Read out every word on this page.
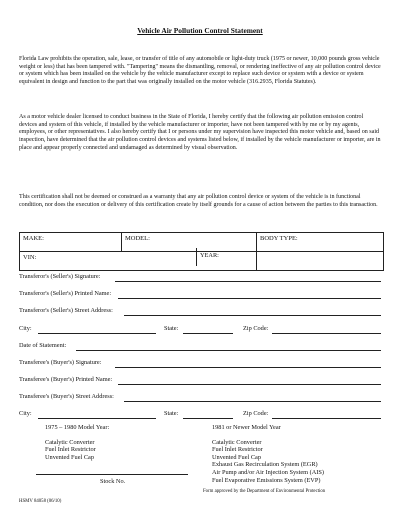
Vehicle Air Pollution Control Statement

Florida Law prohibits the operation, sale, lease, or transfer of title of any automobile or light-duty truck (1975 or newer, 10,000 pounds gross vehicle weight or less) that has been tampered with. "Tampering" means the dismantling, removal, or rendering ineffective of any air pollution control device or system which has been installed on the vehicle by the vehicle manufacturer except to replace such device or system with a device or system equivalent in design and function to the part that was originally installed on the motor vehicle (316.2935, Florida Statutes).

As a motor vehicle dealer licensed to conduct business in the State of Florida, I hereby certify that the following air pollution emission control devices and system of this vehicle, if installed by the vehicle manufacturer or importer, have not been tampered with by me or by my agents, employees, or other representatives. I also hereby certify that I or persons under my supervision have inspected this motor vehicle and, based on said inspection, have determined that the air pollution control devices and systems listed below, if installed by the vehicle manufacturer or importer, are in place and appear properly connected and undamaged as determined by visual observation.

This certification shall not be deemed or construed as a warranty that any air pollution control device or system of the vehicle is in functional condition, nor does the execution or delivery of this certification create by itself grounds for a cause of action between the parties to this transaction.

MAKE:	MODEL:	BODY TYPE:
VIN:			YEAR:
Transferor's (Seller's) Signature:
Transferor's (Seller's) Printed Name:
Transferor's (Seller's) Street Address:
City:	State:	Zip Code:
Date of Statement:
Transferee's (Buyer's) Signature:
Transferee's (Buyer's) Printed Name:
Transferee's (Buyer's) Street Address:
City:	State:	Zip Code:
1975 – 1980 Model Year:
Catalytic Converter
Fuel Inlet Restrictor
Unvented Fuel Cap
1981 or Newer Model Year
Catalytic Converter
Fuel Inlet Restrictor
Unvented Fuel Cap
Exhaust Gas Recirculation System (EGR)
Air Pump and/or Air Injection System (AIS)
Fuel Evaporative Emissions System (EVP)
Stock No.
Form approved by the Department of Environmental Protection
HSMV 84058 (06/10)
